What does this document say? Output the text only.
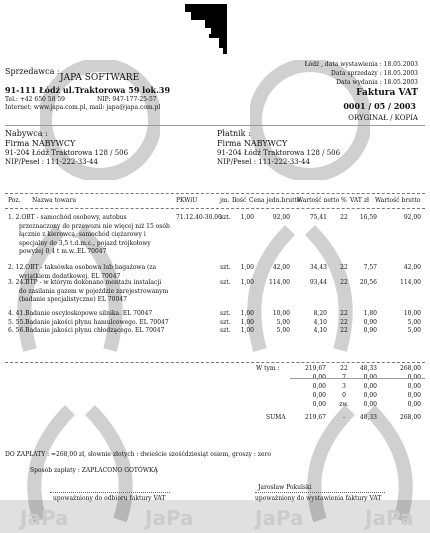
JaPa	JaPa	JaPa	JaPa
Sprzedawca :
JAPA SOFTWARE
91-111 Łódź ul.Traktorowa 59 lok.39
Tel.: +42 650 58 59	NIP: 947-177-25-57
Internet: www.japa.com.pl, mail: japa@japa.com.pl
Łódź , data wystawienia : 18.05.2003
Data sprzedaży : 18.05.2003
Data wydania : 18.05.2003
Faktura VAT
0001 / 05 / 2003
ORYGINAŁ / KOPIA
Nabywca :
Firma NABYWCY
91-204 Łódź Traktorowa 128 / 506
NIP/Pesel : 111-222-33-44
Płatnik :
Firma NABYWCY
91-204 Łódź Traktorowa 128 / 506
NIP/Pesel : 111-222-33-44
Poz. Nazwa towaru	PKWiU	jm. Ilość Cena jedn.brutto
Wartość netto % VAT zł Wartość brutto
1. 2.OBT - samochód osobowy, autobus
przeznaczony do przewozu nie więcej niż 15 osób
łącznie z kierowcą, samochód ciężarowy i
specjalny do 3,5 t.d.m.c., pojazd trójkołowy
powyżej 0,4 t m.w..EL 70047
71.12.40-30.00
szt.	1,00	92,00	75,41	22	16,59	92,00
2. 12.OBT - taksówka osobowa lub bagażowa (za
wyjątkiem dodatkowej. EL 70047
szt.	1,00	42,00	34,43	22	7,57	42,00
3. 24.BTP - w którym dokonano montażu instalacji
do zasilania gazem w pojeździe zarejestrowanym
(badanie specjalistyczne) EL 70047
szt.	1,00	114,00	93,44	22	20,56	114,00
4. 41.Badanie oscyloskopowe silnika. EL 70047	szt.	1,00	10,00	8,20	22	1,80	10,00
5. 55.Badanie jakości płynu hamulcowego. EL 70047	szt.	1,00	5,00	4,10	22	0,90	5,00
6. 56.Badanie jakości płynu chłodzącego. EL 70047	szt.	1,00	5,00	4,10	22	0,90	5,00
W tym :	219,67	22	48,33	268,00
0,00	7	0,00	0,00
0,00	3	0,00	0,00
0,00	0	0,00	0,00
0,00	zw.	0,00	0,00
SUMA	219,67	-	48,33	268,00
DO ZAPŁATY : =268,00 zł, słownie złotych : dwieście sześćdziesiąt osiem, groszy : zero
Sposób zapłaty : ZAPŁACONO GOTÓWKĄ
upoważniony do odbioru faktury VAT
Jarosław Pokulski
upoważniony do wystawienia faktury VAT
